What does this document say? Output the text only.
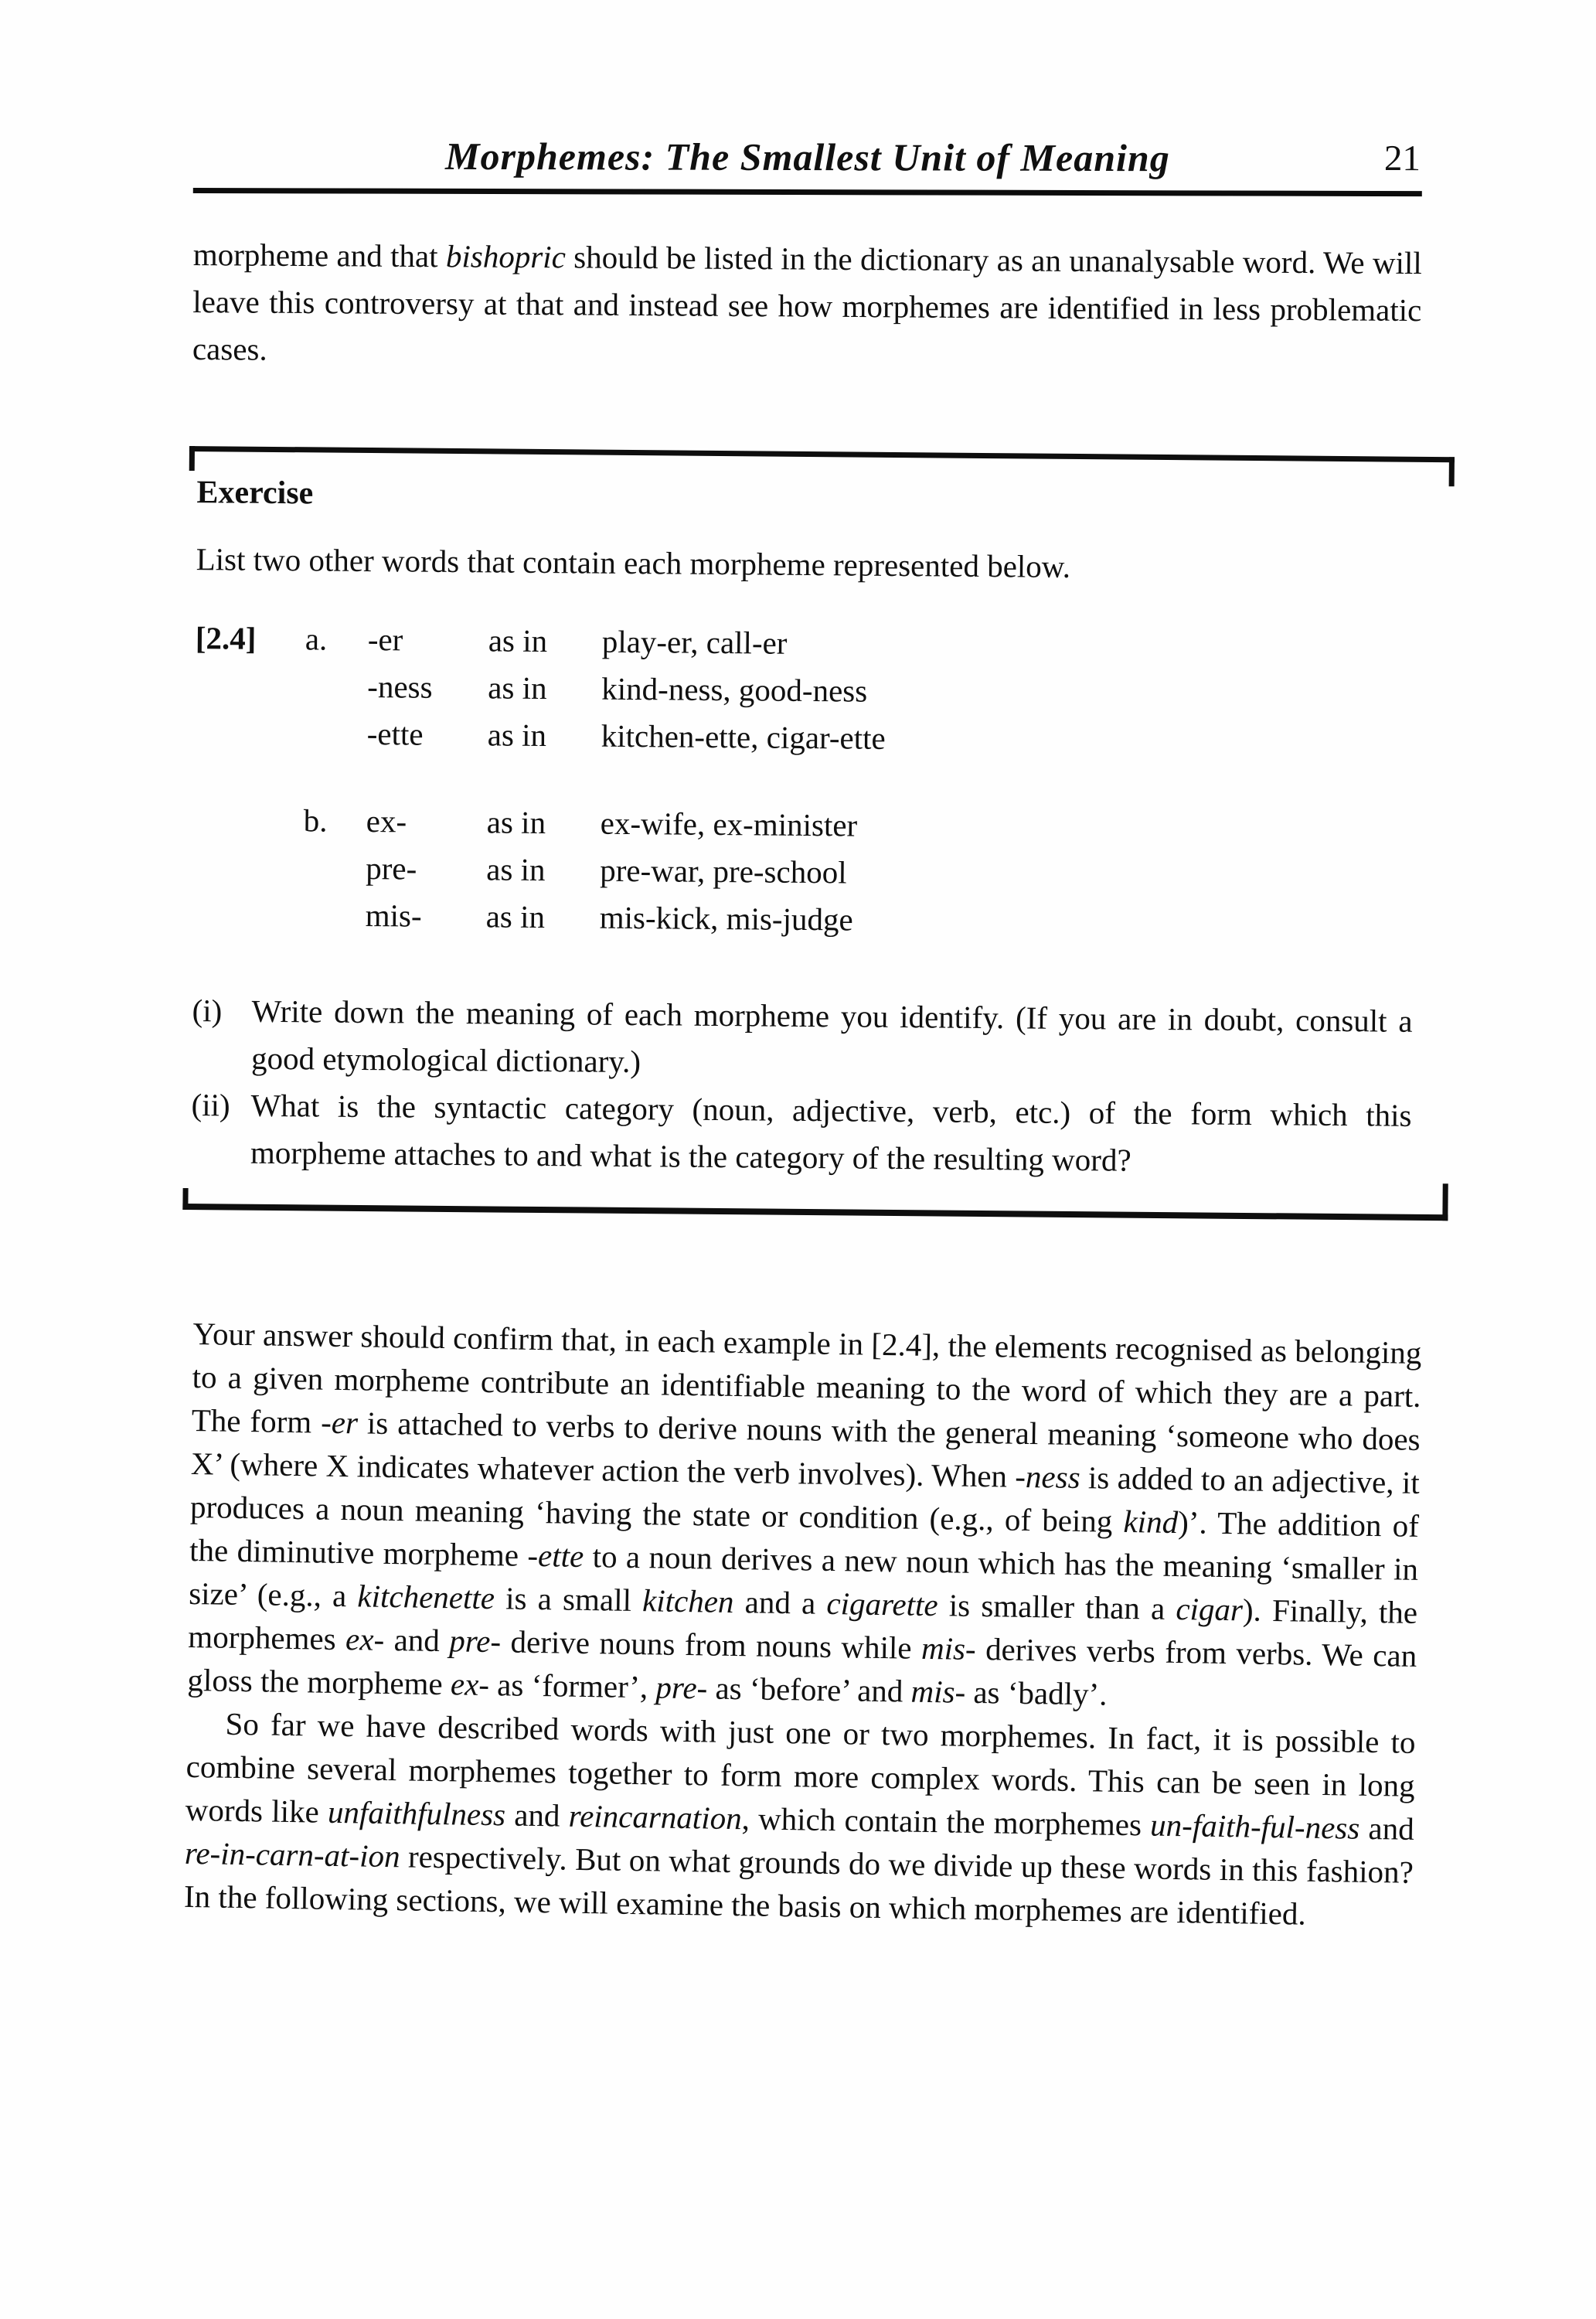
Morphemes: The Smallest Unit of Meaning	21
morpheme and that bishopric should be listed in the dictionary as an unanalysable word. We will leave this controversy at that and instead see how morphemes are identified in less problematic cases.
Exercise
List two other words that contain each morpheme represented below.
[2.4]	a.	-er	as in	play-er, call-er
-ness	as in	kind-ness, good-ness
-ette	as in	kitchen-ette, cigar-ette
b.	ex-	as in	ex-wife, ex-minister
pre-	as in	pre-war, pre-school
mis-	as in	mis-kick, mis-judge
(i) Write down the meaning of each morpheme you identify. (If you are in doubt, consult a good etymological dictionary.)
(ii) What is the syntactic category (noun, adjective, verb, etc.) of the form which this morpheme attaches to and what is the category of the resulting word?
Your answer should confirm that, in each example in [2.4], the elements recognised as belonging to a given morpheme contribute an identifiable meaning to the word of which they are a part. The form -er is attached to verbs to derive nouns with the general meaning ‘someone who does X’ (where X indicates whatever action the verb involves). When -ness is added to an adjective, it produces a noun meaning ‘having the state or condition (e.g., of being kind)’. The addition of the diminutive morpheme -ette to a noun derives a new noun which has the meaning ‘smaller in size’ (e.g., a kitchenette is a small kitchen and a cigarette is smaller than a cigar). Finally, the morphemes ex- and pre- derive nouns from nouns while mis- derives verbs from verbs. We can gloss the morpheme ex- as ‘former’, pre- as ‘before’ and mis- as ‘badly’.
So far we have described words with just one or two morphemes. In fact, it is possible to combine several morphemes together to form more complex words. This can be seen in long words like unfaithfulness and reincarnation, which contain the morphemes un-faith-ful-ness and re-in-carn-at-ion respectively. But on what grounds do we divide up these words in this fashion? In the following sections, we will examine the basis on which morphemes are identified.
